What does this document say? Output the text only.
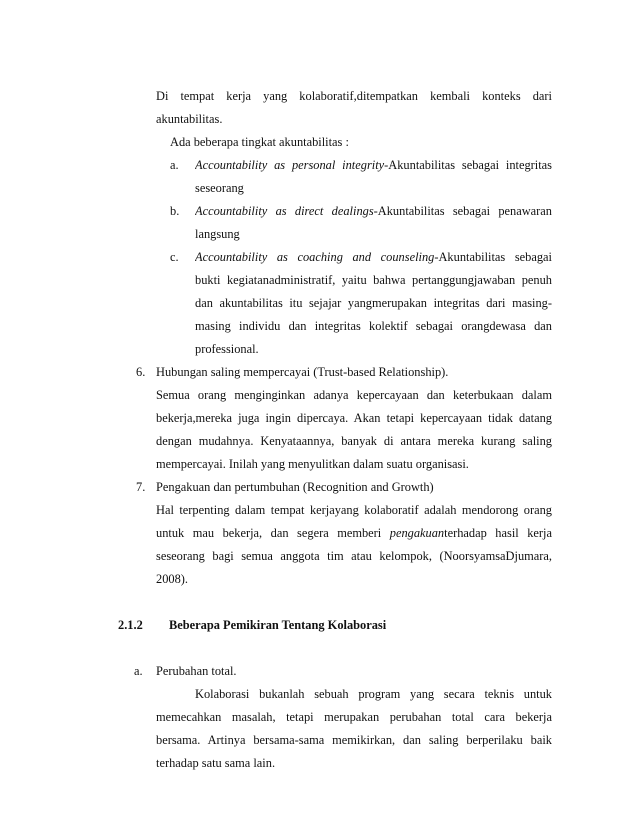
Di tempat kerja yang kolaboratif,ditempatkan kembali konteks dari
akuntabilitas.
Ada beberapa tingkat akuntabilitas :
a. Accountability as personal integrity-Akuntabilitas sebagai integritas
seseorang
b. Accountability as direct dealings-Akuntabilitas sebagai penawaran
langsung
c. Accountability as coaching and counseling-Akuntabilitas sebagai
bukti kegiatanadministratif, yaitu bahwa pertanggungjawaban penuh
dan akuntabilitas itu sejajar yangmerupakan integritas dari masing-
masing individu dan integritas kolektif sebagai orangdewasa dan
professional.
6. Hubungan saling mempercayai (Trust-based Relationship).
Semua orang menginginkan adanya kepercayaan dan keterbukaan dalam
bekerja,mereka juga ingin dipercaya. Akan tetapi kepercayaan tidak datang
dengan mudahnya. Kenyataannya, banyak di antara mereka kurang saling
mempercayai. Inilah yang menyulitkan dalam suatu organisasi.
7. Pengakuan dan pertumbuhan (Recognition and Growth)
Hal terpenting dalam tempat kerjayang kolaboratif adalah mendorong orang
untuk mau bekerja, dan segera memberi pengakuanterhadap hasil kerja
seseorang bagi semua anggota tim atau kelompok, (NoorsyamsaDjumara,
2008).
2.1.2 Beberapa Pemikiran Tentang Kolaborasi
a. Perubahan total.
Kolaborasi bukanlah sebuah program yang secara teknis untuk
memecahkan masalah, tetapi merupakan perubahan total cara bekerja
bersama. Artinya bersama-sama memikirkan, dan saling berperilaku baik
terhadap satu sama lain.
